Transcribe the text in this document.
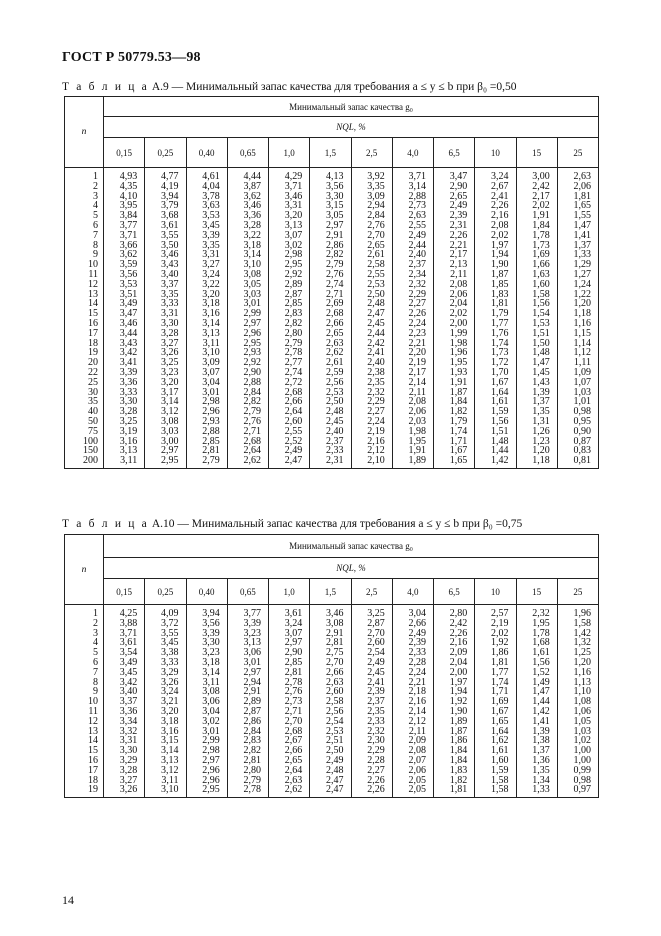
ГОСТ Р 50779.53—98
Т а б л и ц а A.9 — Минимальный запас качества для требования a ≤ y ≤ b при β₀ =0,50
n	Минимальный запас качества g₀											
	NQL, %											
	0,15	0,25	0,40	0,65	1,0	1,5	2,5	4,0	6,5	10	15	25
1	4,93	4,77	4,61	4,44	4,29	4,13	3,92	3,71	3,47	3,24	3,00	2,63
2	4,35	4,19	4,04	3,87	3,71	3,56	3,35	3,14	2,90	2,67	2,42	2,06
3	4,10	3,94	3,78	3,62	3,46	3,30	3,09	2,88	2,65	2,41	2,17	1,81
4	3,95	3,79	3,63	3,46	3,31	3,15	2,94	2,73	2,49	2,26	2,02	1,65
5	3,84	3,68	3,53	3,36	3,20	3,05	2,84	2,63	2,39	2,16	1,91	1,55
6	3,77	3,61	3,45	3,28	3,13	2,97	2,76	2,55	2,31	2,08	1,84	1,47
7	3,71	3,55	3,39	3,22	3,07	2,91	2,70	2,49	2,26	2,02	1,78	1,41
8	3,66	3,50	3,35	3,18	3,02	2,86	2,65	2,44	2,21	1,97	1,73	1,37
9	3,62	3,46	3,31	3,14	2,98	2,82	2,61	2,40	2,17	1,94	1,69	1,33
10	3,59	3,43	3,27	3,10	2,95	2,79	2,58	2,37	2,13	1,90	1,66	1,29
11	3,56	3,40	3,24	3,08	2,92	2,76	2,55	2,34	2,11	1,87	1,63	1,27
12	3,53	3,37	3,22	3,05	2,89	2,74	2,53	2,32	2,08	1,85	1,60	1,24
13	3,51	3,35	3,20	3,03	2,87	2,71	2,50	2,29	2,06	1,83	1,58	1,22
14	3,49	3,33	3,18	3,01	2,85	2,69	2,48	2,27	2,04	1,81	1,56	1,20
15	3,47	3,31	3,16	2,99	2,83	2,68	2,47	2,26	2,02	1,79	1,54	1,18
16	3,46	3,30	3,14	2,97	2,82	2,66	2,45	2,24	2,00	1,77	1,53	1,16
17	3,44	3,28	3,13	2,96	2,80	2,65	2,44	2,23	1,99	1,76	1,51	1,15
18	3,43	3,27	3,11	2,95	2,79	2,63	2,42	2,21	1,98	1,74	1,50	1,14
19	3,42	3,26	3,10	2,93	2,78	2,62	2,41	2,20	1,96	1,73	1,48	1,12
20	3,41	3,25	3,09	2,92	2,77	2,61	2,40	2,19	1,95	1,72	1,47	1,11
22	3,39	3,23	3,07	2,90	2,74	2,59	2,38	2,17	1,93	1,70	1,45	1,09
25	3,36	3,20	3,04	2,88	2,72	2,56	2,35	2,14	1,91	1,67	1,43	1,07
30	3,33	3,17	3,01	2,84	2,68	2,53	2,32	2,11	1,87	1,64	1,39	1,03
35	3,30	3,14	2,98	2,82	2,66	2,50	2,29	2,08	1,84	1,61	1,37	1,01
40	3,28	3,12	2,96	2,79	2,64	2,48	2,27	2,06	1,82	1,59	1,35	0,98
50	3,25	3,08	2,93	2,76	2,60	2,45	2,24	2,03	1,79	1,56	1,31	0,95
75	3,19	3,03	2,88	2,71	2,55	2,40	2,19	1,98	1,74	1,51	1,26	0,90
100	3,16	3,00	2,85	2,68	2,52	2,37	2,16	1,95	1,71	1,48	1,23	0,87
150	3,13	2,97	2,81	2,64	2,49	2,33	2,12	1,91	1,67	1,44	1,20	0,83
200	3,11	2,95	2,79	2,62	2,47	2,31	2,10	1,89	1,65	1,42	1,18	0,81
Т а б л и ц а A.10 — Минимальный запас качества для требования a ≤ y ≤ b при β₀ =0,75
n	Минимальный запас качества g₀											
	NQL, %											
	0,15	0,25	0,40	0,65	1,0	1,5	2,5	4,0	6,5	10	15	25
1	4,25	4,09	3,94	3,77	3,61	3,46	3,25	3,04	2,80	2,57	2,32	1,96
2	3,88	3,72	3,56	3,39	3,24	3,08	2,87	2,66	2,42	2,19	1,95	1,58
3	3,71	3,55	3,39	3,23	3,07	2,91	2,70	2,49	2,26	2,02	1,78	1,42
4	3,61	3,45	3,30	3,13	2,97	2,81	2,60	2,39	2,16	1,92	1,68	1,32
5	3,54	3,38	3,23	3,06	2,90	2,75	2,54	2,33	2,09	1,86	1,61	1,25
6	3,49	3,33	3,18	3,01	2,85	2,70	2,49	2,28	2,04	1,81	1,56	1,20
7	3,45	3,29	3,14	2,97	2,81	2,66	2,45	2,24	2,00	1,77	1,52	1,16
8	3,42	3,26	3,11	2,94	2,78	2,63	2,41	2,21	1,97	1,74	1,49	1,13
9	3,40	3,24	3,08	2,91	2,76	2,60	2,39	2,18	1,94	1,71	1,47	1,10
10	3,37	3,21	3,06	2,89	2,73	2,58	2,37	2,16	1,92	1,69	1,44	1,08
11	3,36	3,20	3,04	2,87	2,71	2,56	2,35	2,14	1,90	1,67	1,42	1,06
12	3,34	3,18	3,02	2,86	2,70	2,54	2,33	2,12	1,89	1,65	1,41	1,05
13	3,32	3,16	3,01	2,84	2,68	2,53	2,32	2,11	1,87	1,64	1,39	1,03
14	3,31	3,15	2,99	2,83	2,67	2,51	2,30	2,09	1,86	1,62	1,38	1,02
15	3,30	3,14	2,98	2,82	2,66	2,50	2,29	2,08	1,84	1,61	1,37	1,00
16	3,29	3,13	2,97	2,81	2,65	2,49	2,28	2,07	1,84	1,60	1,36	1,00
17	3,28	3,12	2,96	2,80	2,64	2,48	2,27	2,06	1,83	1,59	1,35	0,99
18	3,27	3,11	2,96	2,79	2,63	2,47	2,26	2,05	1,82	1,58	1,34	0,98
19	3,26	3,10	2,95	2,78	2,62	2,47	2,26	2,05	1,81	1,58	1,33	0,97
14
